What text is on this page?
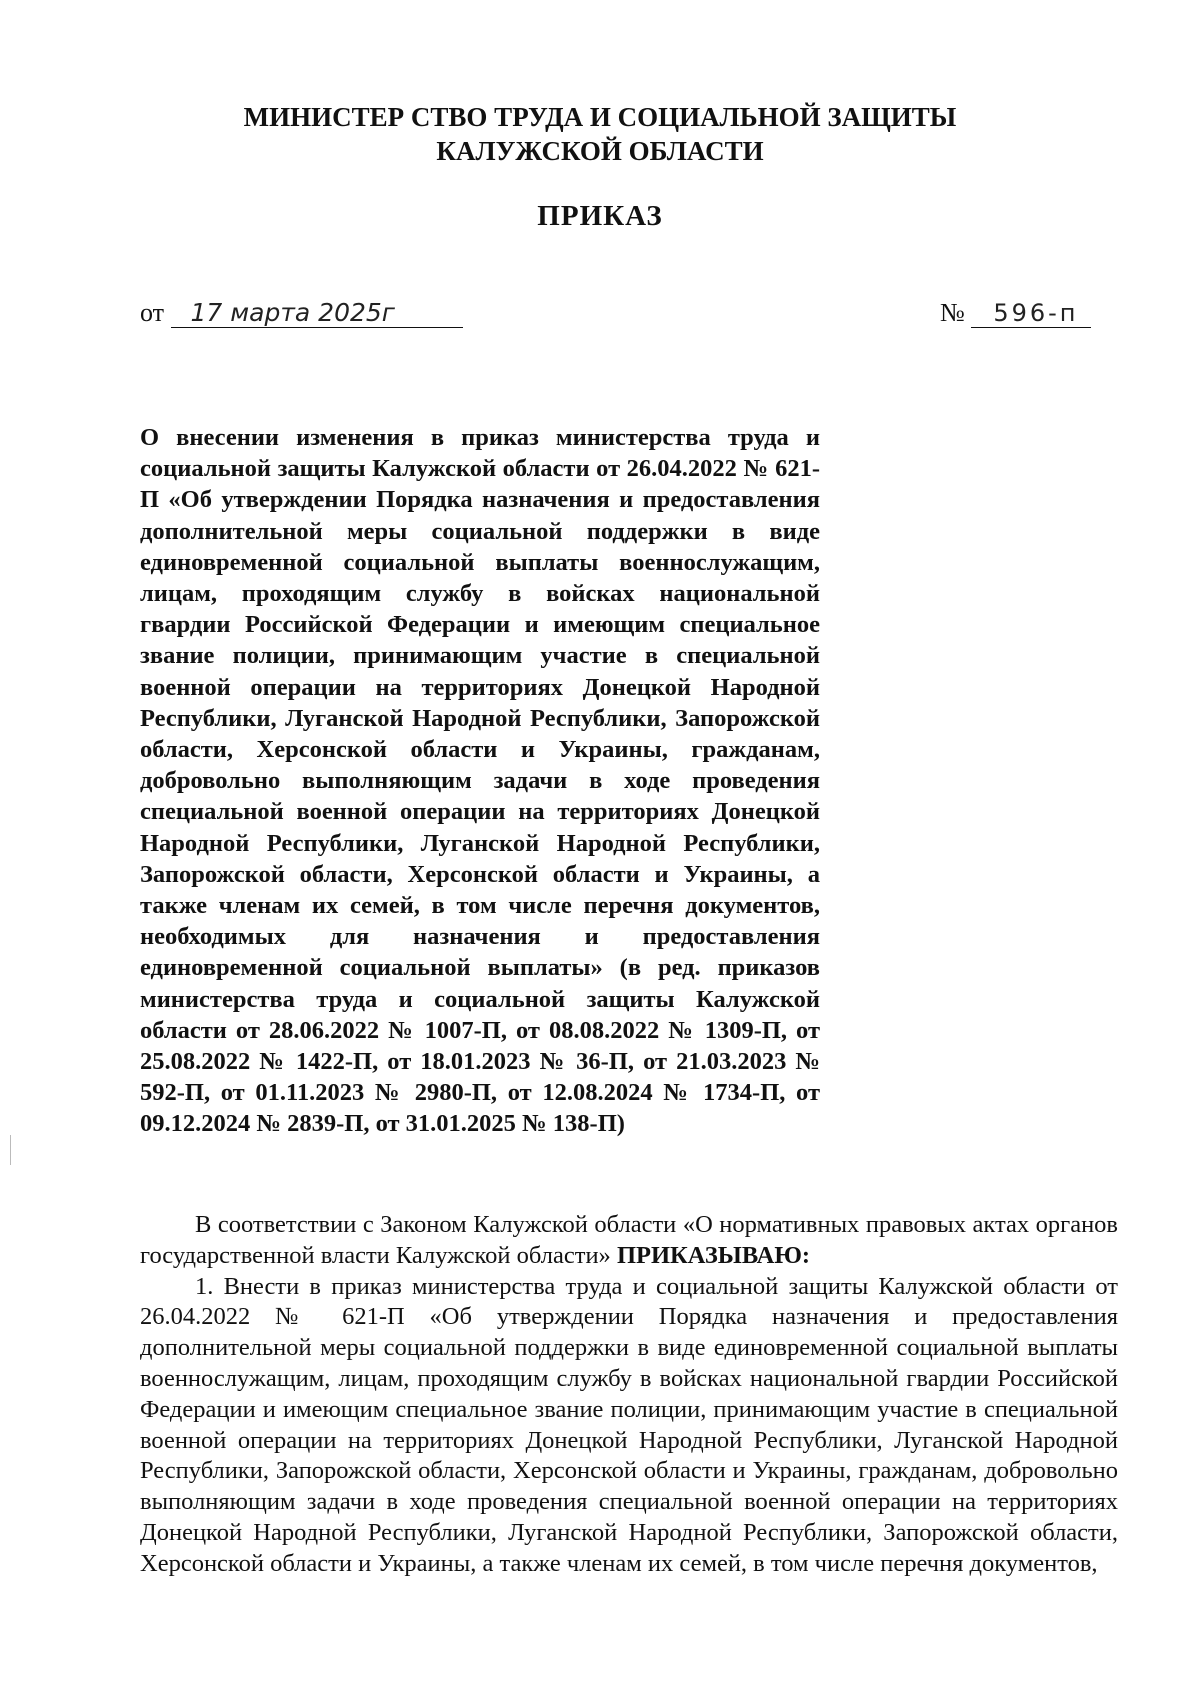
МИНИСТЕР СТВО ТРУДА И СОЦИАЛЬНОЙ ЗАЩИТЫ
КАЛУЖСКОЙ ОБЛАСТИ
ПРИКАЗ
от 17 марта 2025г	№ 596-п
О внесении изменения в приказ министерства труда и социальной защиты Калужской области от 26.04.2022 № 621-П «Об утверждении Порядка назначения и предоставления дополнительной меры социальной поддержки в виде единовременной социальной выплаты военнослужащим, лицам, проходящим службу в войсках национальной гвардии Российской Федерации и имеющим специальное звание полиции, принимающим участие в специальной военной операции на территориях Донецкой Народной Республики, Луганской Народной Республики, Запорожской области, Херсонской области и Украины, гражданам, добровольно выполняющим задачи в ходе проведения специальной военной операции на территориях Донецкой Народной Республики, Луганской Народной Республики, Запорожской области, Херсонской области и Украины, а также членам их семей, в том числе перечня документов, необходимых для назначения и предоставления единовременной социальной выплаты» (в ред. приказов министерства труда и социальной защиты Калужской области от 28.06.2022 № 1007-П, от 08.08.2022 № 1309-П, от 25.08.2022 № 1422-П, от 18.01.2023 № 36-П, от 21.03.2023 № 592-П, от 01.11.2023 № 2980-П, от 12.08.2024 № 1734-П, от 09.12.2024 № 2839-П, от 31.01.2025 № 138-П)

В соответствии с Законом Калужской области «О нормативных правовых актах органов государственной власти Калужской области» ПРИКАЗЫВАЮ:

1. Внести в приказ министерства труда и социальной защиты Калужской области от 26.04.2022 № 621-П «Об утверждении Порядка назначения и предоставления дополнительной меры социальной поддержки в виде единовременной социальной выплаты военнослужащим, лицам, проходящим службу в войсках национальной гвардии Российской Федерации и имеющим специальное звание полиции, принимающим участие в специальной военной операции на территориях Донецкой Народной Республики, Луганской Народной Республики, Запорожской области, Херсонской области и Украины, гражданам, добровольно выполняющим задачи в ходе проведения специальной военной операции на территориях Донецкой Народной Республики, Луганской Народной Республики, Запорожской области, Херсонской области и Украины, а также членам их семей, в том числе перечня документов,
